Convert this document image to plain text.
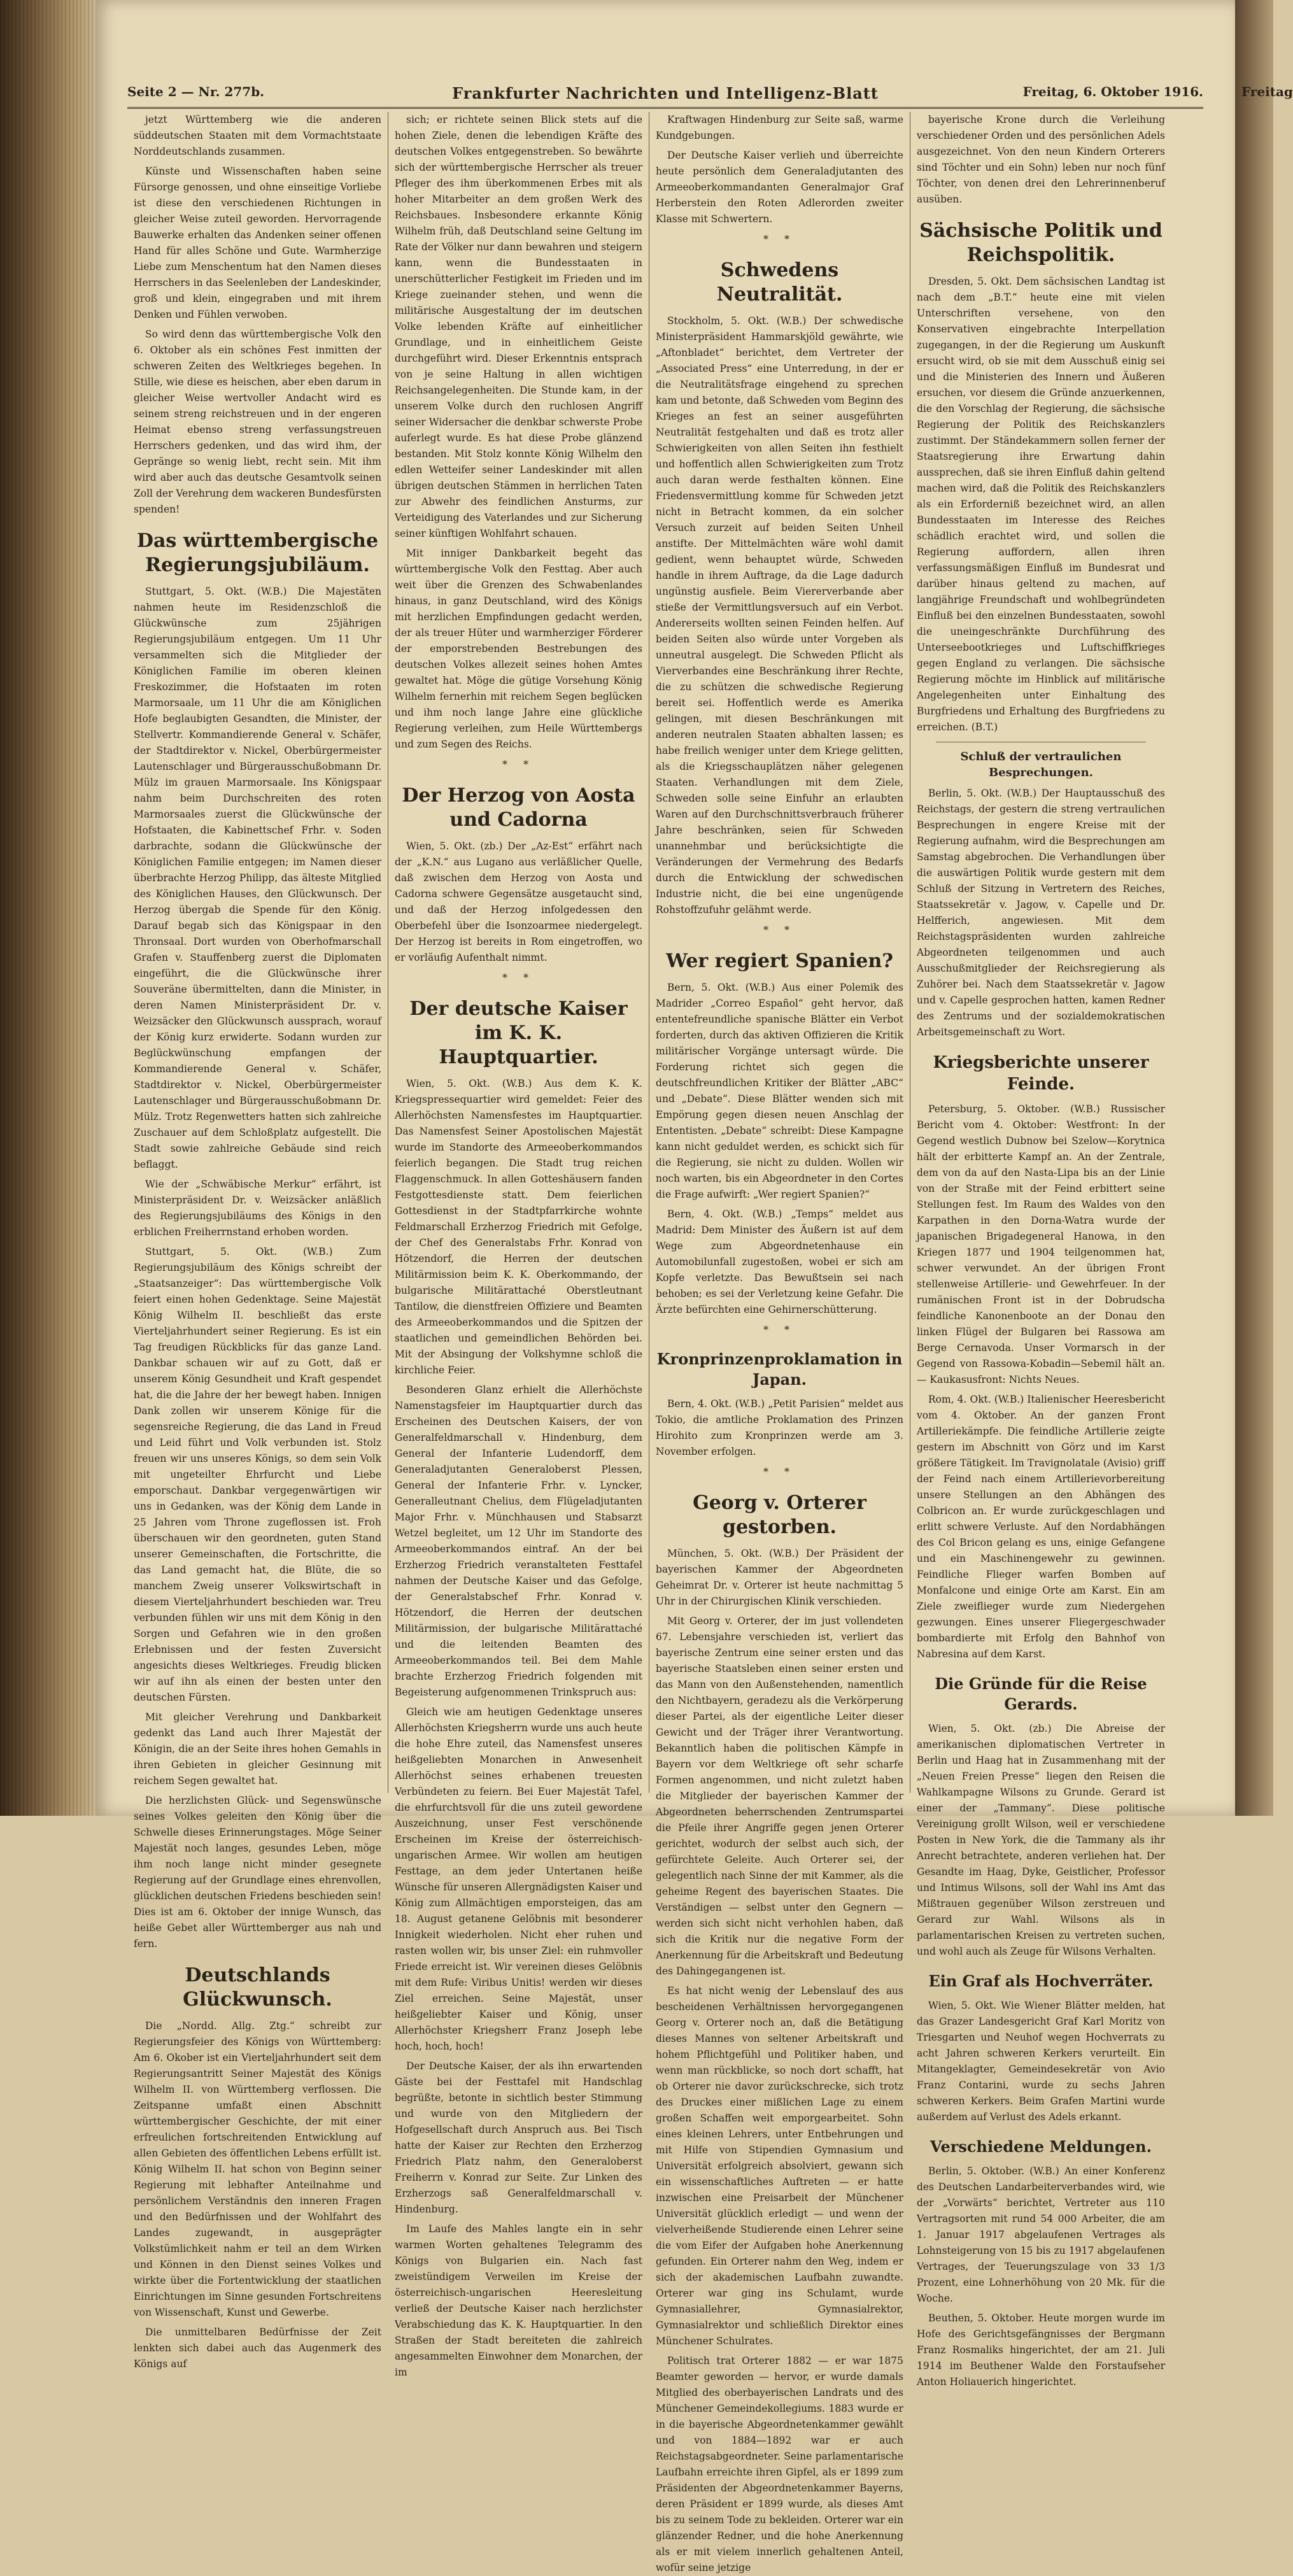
Seite 2 — Nr. 277b.	Frankfurter Nachrichten und Intelligenz-Blatt	Freitag, 6. Oktober 1916.

jetzt Württemberg wie die anderen süddeutschen Staaten mit dem Vormachtstaate Norddeutschlands zusammen.

Künste und Wissenschaften haben seine Fürsorge genossen, und ohne einseitige Vorliebe ist diese den verschiedenen Richtungen in gleicher Weise zuteil geworden. Hervorragende Bauwerke erhalten das Andenken seiner offenen Hand für alles Schöne und Gute. Warmherzige Liebe zum Menschentum hat den Namen dieses Herrschers in das Seelenleben der Landeskinder, groß und klein, eingegraben und mit ihrem Denken und Fühlen verwoben.

So wird denn das württembergische Volk den 6. Oktober als ein schönes Fest inmitten der schweren Zeiten des Weltkrieges begehen. In Stille, wie diese es heischen, aber eben darum in gleicher Weise wertvoller Andacht wird es seinem streng reichstreuen und in der engeren Heimat ebenso streng verfassungstreuen Herrschers gedenken, und das wird ihm, der Gepränge so wenig liebt, recht sein. Mit ihm wird aber auch das deutsche Gesamtvolk seinen Zoll der Verehrung dem wackeren Bundesfürsten spenden!

Das württembergische Regierungsjubiläum.

Stuttgart, 5. Okt. (W.B.) Die Majestäten nahmen heute im Residenzschloß die Glückwünsche zum 25jährigen Regierungsjubiläum entgegen. Um 11 Uhr versammelten sich die Mitglieder der Königlichen Familie im oberen kleinen Freskozimmer, die Hofstaaten im roten Marmorsaale, um 11 Uhr die am Königlichen Hofe beglaubigten Gesandten, die Minister, der Stellvertr. Kommandierende General v. Schäfer, der Stadtdirektor v. Nickel, Oberbürgermeister Lautenschlager und Bürgerausschußobmann Dr. Mülz im grauen Marmorsaale. Ins Königspaar nahm beim Durchschreiten des roten Marmorsaales zuerst die Glückwünsche der Hofstaaten, die Kabinettschef Frhr. v. Soden darbrachte, sodann die Glückwünsche der Königlichen Familie entgegen; im Namen dieser überbrachte Herzog Philipp, das älteste Mitglied des Königlichen Hauses, den Glückwunsch. Der Herzog übergab die Spende für den König. Darauf begab sich das Königspaar in den Thronsaal. Dort wurden von Oberhofmarschall Grafen v. Stauffenberg zuerst die Diplomaten eingeführt, die die Glückwünsche ihrer Souveräne übermittelten, dann die Minister, in deren Namen Ministerpräsident Dr. v. Weizsäcker den Glückwunsch aussprach, worauf der König kurz erwiderte. Sodann wurden zur Beglückwünschung empfangen der Kommandierende General v. Schäfer, Stadtdirektor v. Nickel, Oberbürgermeister Lautenschlager und Bürgerausschußobmann Dr. Mülz. Trotz Regenwetters hatten sich zahlreiche Zuschauer auf dem Schloßplatz aufgestellt. Die Stadt sowie zahlreiche Gebäude sind reich beflaggt.

Wie der „Schwäbische Merkur“ erfährt, ist Ministerpräsident Dr. v. Weizsäcker anläßlich des Regierungsjubiläums des Königs in den erblichen Freiherrnstand erhoben worden.

Stuttgart, 5. Okt. (W.B.) Zum Regierungsjubiläum des Königs schreibt der „Staatsanzeiger“: Das württembergische Volk feiert einen hohen Gedenktage. Seine Majestät König Wilhelm II. beschließt das erste Vierteljahrhundert seiner Regierung. Es ist ein Tag freudigen Rückblicks für das ganze Land. Dankbar schauen wir auf zu Gott, daß er unserem König Gesundheit und Kraft gespendet hat, die die Jahre der her bewegt haben. Innigen Dank zollen wir unserem Könige für die segensreiche Regierung, die das Land in Freud und Leid führt und Volk verbunden ist. Stolz freuen wir uns unseres Königs, so dem sein Volk mit ungeteilter Ehrfurcht und Liebe emporschaut. Dankbar vergegenwärtigen wir uns in Gedanken, was der König dem Lande in 25 Jahren vom Throne zugeflossen ist. Froh überschauen wir den geordneten, guten Stand unserer Gemeinschaften, die Fortschritte, die das Land gemacht hat, die Blüte, die so manchem Zweig unserer Volkswirtschaft in diesem Vierteljahrhundert beschieden war. Treu verbunden fühlen wir uns mit dem König in den Sorgen und Gefahren wie in den großen Erlebnissen und der festen Zuversicht angesichts dieses Weltkrieges. Freudig blicken wir auf ihn als einen der besten unter den deutschen Fürsten.

Mit gleicher Verehrung und Dankbarkeit gedenkt das Land auch Ihrer Majestät der Königin, die an der Seite ihres hohen Gemahls in ihren Gebieten in gleicher Gesinnung mit reichem Segen gewaltet hat.

Die herzlichsten Glück- und Segenswünsche seines Volkes geleiten den König über die Schwelle dieses Erinnerungstages. Möge Seiner Majestät noch langes, gesundes Leben, möge ihm noch lange nicht minder gesegnete Regierung auf der Grundlage eines ehrenvollen, glücklichen deutschen Friedens beschieden sein! Dies ist am 6. Oktober der innige Wunsch, das heiße Gebet aller Württemberger aus nah und fern.

Deutschlands Glückwunsch.

Die „Nordd. Allg. Ztg.“ schreibt zur Regierungsfeier des Königs von Württemberg: Am 6. Okober ist ein Vierteljahrhundert seit dem Regierungsantritt Seiner Majestät des Königs Wilhelm II. von Württemberg verflossen. Die Zeitspanne umfaßt einen Abschnitt württembergischer Geschichte, der mit einer erfreulichen fortschreitenden Entwicklung auf allen Gebieten des öffentlichen Lebens erfüllt ist. König Wilhelm II. hat schon von Beginn seiner Regierung mit lebhafter Anteilnahme und persönlichem Verständnis den inneren Fragen und den Bedürfnissen und der Wohlfahrt des Landes zugewandt, in ausgeprägter Volkstümlichkeit nahm er teil an dem Wirken und Können in den Dienst seines Volkes und wirkte über die Fortentwicklung der staatlichen Einrichtungen im Sinne gesunden Fortschreitens von Wissenschaft, Kunst und Gewerbe.

Die unmittelbaren Bedürfnisse der Zeit lenkten sich dabei auch das Augenmerk des Königs auf

sich; er richtete seinen Blick stets auf die hohen Ziele, denen die lebendigen Kräfte des deutschen Volkes entgegenstreben. So bewährte sich der württembergische Herrscher als treuer Pfleger des ihm überkommenen Erbes mit als hoher Mitarbeiter an dem großen Werk des Reichsbaues. Insbesondere erkannte König Wilhelm früh, daß Deutschland seine Geltung im Rate der Völker nur dann bewahren und steigern kann, wenn die Bundesstaaten in unerschütterlicher Festigkeit im Frieden und im Kriege zueinander stehen, und wenn die militärische Ausgestaltung der im deutschen Volke lebenden Kräfte auf einheitlicher Grundlage, und in einheitlichem Geiste durchgeführt wird. Dieser Erkenntnis entsprach von je seine Haltung in allen wichtigen Reichsangelegenheiten. Die Stunde kam, in der unserem Volke durch den ruchlosen Angriff seiner Widersacher die denkbar schwerste Probe auferlegt wurde. Es hat diese Probe glänzend bestanden. Mit Stolz konnte König Wilhelm den edlen Wetteifer seiner Landeskinder mit allen übrigen deutschen Stämmen in herrlichen Taten zur Abwehr des feindlichen Ansturms, zur Verteidigung des Vaterlandes und zur Sicherung seiner künftigen Wohlfahrt schauen.

Mit inniger Dankbarkeit begeht das württembergische Volk den Festtag. Aber auch weit über die Grenzen des Schwabenlandes hinaus, in ganz Deutschland, wird des Königs mit herzlichen Empfindungen gedacht werden, der als treuer Hüter und warmherziger Förderer der emporstrebenden Bestrebungen des deutschen Volkes allezeit seines hohen Amtes gewaltet hat. Möge die gütige Vorsehung König Wilhelm fernerhin mit reichem Segen beglücken und ihm noch lange Jahre eine glückliche Regierung verleihen, zum Heile Württembergs und zum Segen des Reichs.

* *
Der Herzog von Aosta und Cadorna

Wien, 5. Okt. (zb.) Der „Az-Est“ erfährt nach der „K.N.“ aus Lugano aus verläßlicher Quelle, daß zwischen dem Herzog von Aosta und Cadorna schwere Gegensätze ausgetaucht sind, und daß der Herzog infolgedessen den Oberbefehl über die Isonzoarmee niedergelegt. Der Herzog ist bereits in Rom eingetroffen, wo er vorläufig Aufenthalt nimmt.

* *
Der deutsche Kaiser im K. K. Hauptquartier.

Wien, 5. Okt. (W.B.) Aus dem K. K. Kriegspressequartier wird gemeldet: Feier des Allerhöchsten Namensfestes im Hauptquartier. Das Namensfest Seiner Apostolischen Majestät wurde im Standorte des Armeeoberkommandos feierlich begangen. Die Stadt trug reichen Flaggenschmuck. In allen Gotteshäusern fanden Festgottesdienste statt. Dem feierlichen Gottesdienst in der Stadtpfarrkirche wohnte Feldmarschall Erzherzog Friedrich mit Gefolge, der Chef des Generalstabs Frhr. Konrad von Hötzendorf, die Herren der deutschen Militärmission beim K. K. Oberkommando, der bulgarische Militärattaché Oberstleutnant Tantilow, die dienstfreien Offiziere und Beamten des Armeeoberkommandos und die Spitzen der staatlichen und gemeindlichen Behörden bei. Mit der Absingung der Volkshymne schloß die kirchliche Feier.

Besonderen Glanz erhielt die Allerhöchste Namenstagsfeier im Hauptquartier durch das Erscheinen des Deutschen Kaisers, der von Generalfeldmarschall v. Hindenburg, dem General der Infanterie Ludendorff, dem Generaladjutanten Generaloberst Plessen, General der Infanterie Frhr. v. Lyncker, Generalleutnant Chelius, dem Flügeladjutanten Major Frhr. v. Münchhausen und Stabsarzt Wetzel begleitet, um 12 Uhr im Standorte des Armeeoberkommandos eintraf. An der bei Erzherzog Friedrich veranstalteten Festtafel nahmen der Deutsche Kaiser und das Gefolge, der Generalstabschef Frhr. Konrad v. Hötzendorf, die Herren der deutschen Militärmission, der bulgarische Militärattaché und die leitenden Beamten des Armeeoberkommandos teil. Bei dem Mahle brachte Erzherzog Friedrich folgenden mit Begeisterung aufgenommenen Trinkspruch aus:

Gleich wie am heutigen Gedenktage unseres Allerhöchsten Kriegsherrn wurde uns auch heute die hohe Ehre zuteil, das Namensfest unseres heißgeliebten Monarchen in Anwesenheit Allerhöchst seines erhabenen treuesten Verbündeten zu feiern. Bei Euer Majestät Tafel, die ehrfurchtsvoll für die uns zuteil gewordene Auszeichnung, unser Fest verschönende Erscheinen im Kreise der österreichisch-ungarischen Armee. Wir wollen am heutigen Festtage, an dem jeder Untertanen heiße Wünsche für unseren Allergnädigsten Kaiser und König zum Allmächtigen emporsteigen, das am 18. August getanene Gelöbnis mit besonderer Innigkeit wiederholen. Nicht eher ruhen und rasten wollen wir, bis unser Ziel: ein ruhmvoller Friede erreicht ist. Wir vereinen dieses Gelöbnis mit dem Rufe: Viribus Unitis! werden wir dieses Ziel erreichen. Seine Majestät, unser heißgeliebter Kaiser und König, unser Allerhöchster Kriegsherr Franz Joseph lebe hoch, hoch, hoch!

Der Deutsche Kaiser, der als ihn erwartenden Gäste bei der Festtafel mit Handschlag begrüßte, betonte in sichtlich bester Stimmung und wurde von den Mitgliedern der Hofgesellschaft durch Anspruch aus. Bei Tisch hatte der Kaiser zur Rechten den Erzherzog Friedrich Platz nahm, den Generaloberst Freiherrn v. Konrad zur Seite. Zur Linken des Erzherzogs saß Generalfeldmarschall v. Hindenburg.

Im Laufe des Mahles langte ein in sehr warmen Worten gehaltenes Telegramm des Königs von Bulgarien ein. Nach fast zweistündigem Verweilen im Kreise der österreichisch-ungarischen Heeresleitung verließ der Deutsche Kaiser nach herzlichster Verabschiedung das K. K. Hauptquartier. In den Straßen der Stadt bereiteten die zahlreich angesammelten Einwohner dem Monarchen, der im

Kraftwagen Hindenburg zur Seite saß, warme Kundgebungen.

Der Deutsche Kaiser verlieh und überreichte heute persönlich dem Generaladjutanten des Armeeoberkommandanten Generalmajor Graf Herberstein den Roten Adlerorden zweiter Klasse mit Schwertern.

* *
Schwedens Neutralität.

Stockholm, 5. Okt. (W.B.) Der schwedische Ministerpräsident Hammarskjöld gewährte, wie „Aftonbladet“ berichtet, dem Vertreter der „Associated Press“ eine Unterredung, in der er die Neutralitätsfrage eingehend zu sprechen kam und betonte, daß Schweden vom Beginn des Krieges an fest an seiner ausgeführten Neutralität festgehalten und daß es trotz aller Schwierigkeiten von allen Seiten ihn festhielt und hoffentlich allen Schwierigkeiten zum Trotz auch daran werde festhalten können. Eine Friedensvermittlung komme für Schweden jetzt nicht in Betracht kommen, da ein solcher Versuch zurzeit auf beiden Seiten Unheil anstifte. Der Mittelmächten wäre wohl damit gedient, wenn behauptet würde, Schweden handle in ihrem Auftrage, da die Lage dadurch ungünstig ausfiele. Beim Viererverbande aber stieße der Vermittlungsversuch auf ein Verbot. Andererseits wollten seinen Feinden helfen. Auf beiden Seiten also würde unter Vorgeben als unneutral ausgelegt. Die Schweden Pflicht als Vierverbandes eine Beschränkung ihrer Rechte, die zu schützen die schwedische Regierung bereit sei. Hoffentlich werde es Amerika gelingen, mit diesen Beschränkungen mit anderen neutralen Staaten abhalten lassen; es habe freilich weniger unter dem Kriege gelitten, als die Kriegsschauplätzen näher gelegenen Staaten. Verhandlungen mit dem Ziele, Schweden solle seine Einfuhr an erlaubten Waren auf den Durchschnittsverbrauch früherer Jahre beschränken, seien für Schweden unannehmbar und berücksichtigte die Veränderungen der Vermehrung des Bedarfs durch die Entwicklung der schwedischen Industrie nicht, die bei eine ungenügende Rohstoffzufuhr gelähmt werde.

* *
Wer regiert Spanien?

Bern, 5. Okt. (W.B.) Aus einer Polemik des Madrider „Correo Español“ geht hervor, daß ententefreundliche spanische Blätter ein Verbot forderten, durch das aktiven Offizieren die Kritik militärischer Vorgänge untersagt würde. Die Forderung richtet sich gegen die deutschfreundlichen Kritiker der Blätter „ABC“ und „Debate“. Diese Blätter wenden sich mit Empörung gegen diesen neuen Anschlag der Ententisten. „Debate“ schreibt: Diese Kampagne kann nicht geduldet werden, es schickt sich für die Regierung, sie nicht zu dulden. Wollen wir noch warten, bis ein Abgeordneter in den Cortes die Frage aufwirft: „Wer regiert Spanien?“

Bern, 4. Okt. (W.B.) „Temps“ meldet aus Madrid: Dem Minister des Äußern ist auf dem Wege zum Abgeordnetenhause ein Automobilunfall zugestoßen, wobei er sich am Kopfe verletzte. Das Bewußtsein sei nach behoben; es sei der Verletzung keine Gefahr. Die Ärzte befürchten eine Gehirnerschütterung.

* *
Kronprinzenproklamation in Japan.

Bern, 4. Okt. (W.B.) „Petit Parisien“ meldet aus Tokio, die amtliche Proklamation des Prinzen Hirohito zum Kronprinzen werde am 3. November erfolgen.

* *
Georg v. Orterer gestorben.

München, 5. Okt. (W.B.) Der Präsident der bayerischen Kammer der Abgeordneten Geheimrat Dr. v. Orterer ist heute nachmittag 5 Uhr in der Chirurgischen Klinik verschieden.

Mit Georg v. Orterer, der im just vollendeten 67. Lebensjahre verschieden ist, verliert das bayerische Zentrum eine seiner ersten und das bayerische Staatsleben einen seiner ersten und das Mann von den Außenstehenden, namentlich den Nichtbayern, geradezu als die Verkörperung dieser Partei, als der eigentliche Leiter dieser Gewicht und der Träger ihrer Verantwortung. Bekanntlich haben die politischen Kämpfe in Bayern vor dem Weltkriege oft sehr scharfe Formen angenommen, und nicht zuletzt haben die Mitglieder der bayerischen Kammer der Abgeordneten beherrschenden Zentrumspartei die Pfeile ihrer Angriffe gegen jenen Orterer gerichtet, wodurch der selbst auch sich, der gefürchtete Geleite. Auch Orterer sei, der gelegentlich nach Sinne der mit Kammer, als die geheime Regent des bayerischen Staates. Die Verständigen — selbst unter den Gegnern — werden sich sicht nicht verhohlen haben, daß sich die Kritik nur die negative Form der Anerkennung für die Arbeitskraft und Bedeutung des Dahingegangenen ist.

Es hat nicht wenig der Lebenslauf des aus bescheidenen Verhältnissen hervorgegangenen Georg v. Orterer noch an, daß die Betätigung dieses Mannes von seltener Arbeitskraft und hohem Pflichtgefühl und Politiker haben, und wenn man rückblicke, so noch dort schafft, hat ob Orterer nie davor zurückschrecke, sich trotz des Druckes einer mißlichen Lage zu einem großen Schaffen weit emporgearbeitet. Sohn eines kleinen Lehrers, unter Entbehrungen und mit Hilfe von Stipendien Gymnasium und Universität erfolgreich absolviert, gewann sich ein wissenschaftliches Auftreten — er hatte inzwischen eine Preisarbeit der Münchener Universität glücklich erledigt — und wenn der vielverheißende Studierende einen Lehrer seine die vom Eifer der Aufgaben hohe Anerkennung gefunden. Ein Orterer nahm den Weg, indem er sich der akademischen Laufbahn zuwandte. Orterer war ging ins Schulamt, wurde Gymnasiallehrer, Gymnasialrektor, Gymnasialrektor und schließlich Direktor eines Münchener Schulrates.

Politisch trat Orterer 1882 — er war 1875 Beamter geworden — hervor, er wurde damals Mitglied des oberbayerischen Landrats und des Münchener Gemeindekollegiums. 1883 wurde er in die bayerische Abgeordnetenkammer gewählt und von 1884—1892 war er auch Reichstagsabgeordneter. Seine parlamentarische Laufbahn erreichte ihren Gipfel, als er 1899 zum Präsidenten der Abgeordnetenkammer Bayerns, deren Präsident er 1899 wurde, als dieses Amt bis zu seinem Tode zu bekleiden. Orterer war ein glänzender Redner, und die hohe Anerkennung als er mit vielem innerlich gehaltenen Anteil, wofür seine jetzige

bayerische Krone durch die Verleihung verschiedener Orden und des persönlichen Adels ausgezeichnet. Von den neun Kindern Orterers sind Töchter und ein Sohn) leben nur noch fünf Töchter, von denen drei den Lehrerinnenberuf ausüben.

Sächsische Politik und Reichspolitik.

Dresden, 5. Okt. Dem sächsischen Landtag ist nach dem „B.T.“ heute eine mit vielen Unterschriften versehene, von den Konservativen eingebrachte Interpellation zugegangen, in der die Regierung um Auskunft ersucht wird, ob sie mit dem Ausschuß einig sei und die Ministerien des Innern und Äußeren ersuchen, vor diesem die Gründe anzuerkennen, die den Vorschlag der Regierung, die sächsische Regierung der Politik des Reichskanzlers zustimmt. Der Ständekammern sollen ferner der Staatsregierung ihre Erwartung dahin aussprechen, daß sie ihren Einfluß dahin geltend machen wird, daß die Politik des Reichskanzlers als ein Erforderniß bezeichnet wird, an allen Bundesstaaten im Interesse des Reiches schädlich erachtet wird, und sollen die Regierung auffordern, allen ihren verfassungsmäßigen Einfluß im Bundesrat und darüber hinaus geltend zu machen, auf langjährige Freundschaft und wohlbegründeten Einfluß bei den einzelnen Bundesstaaten, sowohl die uneingeschränkte Durchführung des Unterseebootkrieges und Luftschiffkrieges gegen England zu verlangen. Die sächsische Regierung möchte im Hinblick auf militärische Angelegenheiten unter Einhaltung des Burgfriedens und Erhaltung des Burgfriedens zu erreichen. (B.T.)

Schluß der vertraulichen Besprechungen.

Berlin, 5. Okt. (W.B.) Der Hauptausschuß des Reichstags, der gestern die streng vertraulichen Besprechungen in engere Kreise mit der Regierung aufnahm, wird die Besprechungen am Samstag abgebrochen. Die Verhandlungen über die auswärtigen Politik wurde gestern mit dem Schluß der Sitzung in Vertretern des Reiches, Staatssekretär v. Jagow, v. Capelle und Dr. Helfferich, angewiesen. Mit dem Reichstagspräsidenten wurden zahlreiche Abgeordneten teilgenommen und auch Ausschußmitglieder der Reichsregierung als Zuhörer bei. Nach dem Staatssekretär v. Jagow und v. Capelle gesprochen hatten, kamen Redner des Zentrums und der sozialdemokratischen Arbeitsgemeinschaft zu Wort.

Kriegsberichte unserer Feinde.

Petersburg, 5. Oktober. (W.B.) Russischer Bericht vom 4. Oktober: Westfront: In der Gegend westlich Dubnow bei Szelow—Korytnica hält der erbitterte Kampf an. An der Zentrale, dem von da auf den Nasta-Lipa bis an der Linie von der Straße mit der Feind erbittert seine Stellungen fest. Im Raum des Waldes von den Karpathen in den Dorna-Watra wurde der japanischen Brigadegeneral Hanowa, in den Kriegen 1877 und 1904 teilgenommen hat, schwer verwundet. An der übrigen Front stellenweise Artillerie- und Gewehrfeuer. In der rumänischen Front ist in der Dobrudscha feindliche Kanonenboote an der Donau den linken Flügel der Bulgaren bei Rassowa am Berge Cernavoda. Unser Vormarsch in der Gegend von Rassowa-Kobadin—Sebemil hält an. — Kaukasusfront: Nichts Neues.

Rom, 4. Okt. (W.B.) Italienischer Heeresbericht vom 4. Oktober. An der ganzen Front Artilleriekämpfe. Die feindliche Artillerie zeigte gestern im Abschnitt von Görz und im Karst größere Tätigkeit. Im Travignolatale (Avisio) griff der Feind nach einem Artillerievorbereitung unsere Stellungen an den Abhängen des Colbricon an. Er wurde zurückgeschlagen und erlitt schwere Verluste. Auf den Nordabhängen des Col Bricon gelang es uns, einige Gefangene und ein Maschinengewehr zu gewinnen. Feindliche Flieger warfen Bomben auf Monfalcone und einige Orte am Karst. Ein am Ziele zweiflieger wurde zum Niedergehen gezwungen. Eines unserer Fliegergeschwader bombardierte mit Erfolg den Bahnhof von Nabresina auf dem Karst.

Die Gründe für die Reise Gerards.

Wien, 5. Okt. (zb.) Die Abreise der amerikanischen diplomatischen Vertreter in Berlin und Haag hat in Zusammenhang mit der „Neuen Freien Presse“ liegen den Reisen die Wahlkampagne Wilsons zu Grunde. Gerard ist einer der „Tammany“. Diese politische Vereinigung grollt Wilson, weil er verschiedene Posten in New York, die die Tammany als ihr Anrecht betrachtete, anderen verliehen hat. Der Gesandte im Haag, Dyke, Geistlicher, Professor und Intimus Wilsons, soll der Wahl ins Amt das Mißtrauen gegenüber Wilson zerstreuen und Gerard zur Wahl. Wilsons als in parlamentarischen Kreisen zu vertreten suchen, und wohl auch als Zeuge für Wilsons Verhalten.

Ein Graf als Hochverräter.

Wien, 5. Okt. Wie Wiener Blätter melden, hat das Grazer Landesgericht Graf Karl Moritz von Triesgarten und Neuhof wegen Hochverrats zu acht Jahren schweren Kerkers verurteilt. Ein Mitangeklagter, Gemeindesekretär von Avio Franz Contarini, wurde zu sechs Jahren schweren Kerkers. Beim Grafen Martini wurde außerdem auf Verlust des Adels erkannt.

Verschiedene Meldungen.

Berlin, 5. Oktober. (W.B.) An einer Konferenz des Deutschen Landarbeiterverbandes wird, wie der „Vorwärts“ berichtet, Vertreter aus 110 Vertragsorten mit rund 54 000 Arbeiter, die am 1. Januar 1917 abgelaufenen Vertrages als Lohnsteigerung von 15 bis zu 1917 abgelaufenen Vertrages, der Teuerungszulage von 33 1/3 Prozent, eine Lohnerhöhung von 20 Mk. für die Woche.

Beuthen, 5. Oktober. Heute morgen wurde im Hofe des Gerichtsgefängnisses der Bergmann Franz Rosmaliks hingerichtet, der am 21. Juli 1914 im Beuthener Walde den Forstaufseher Anton Holiauerich hingerichtet.

Freitag
